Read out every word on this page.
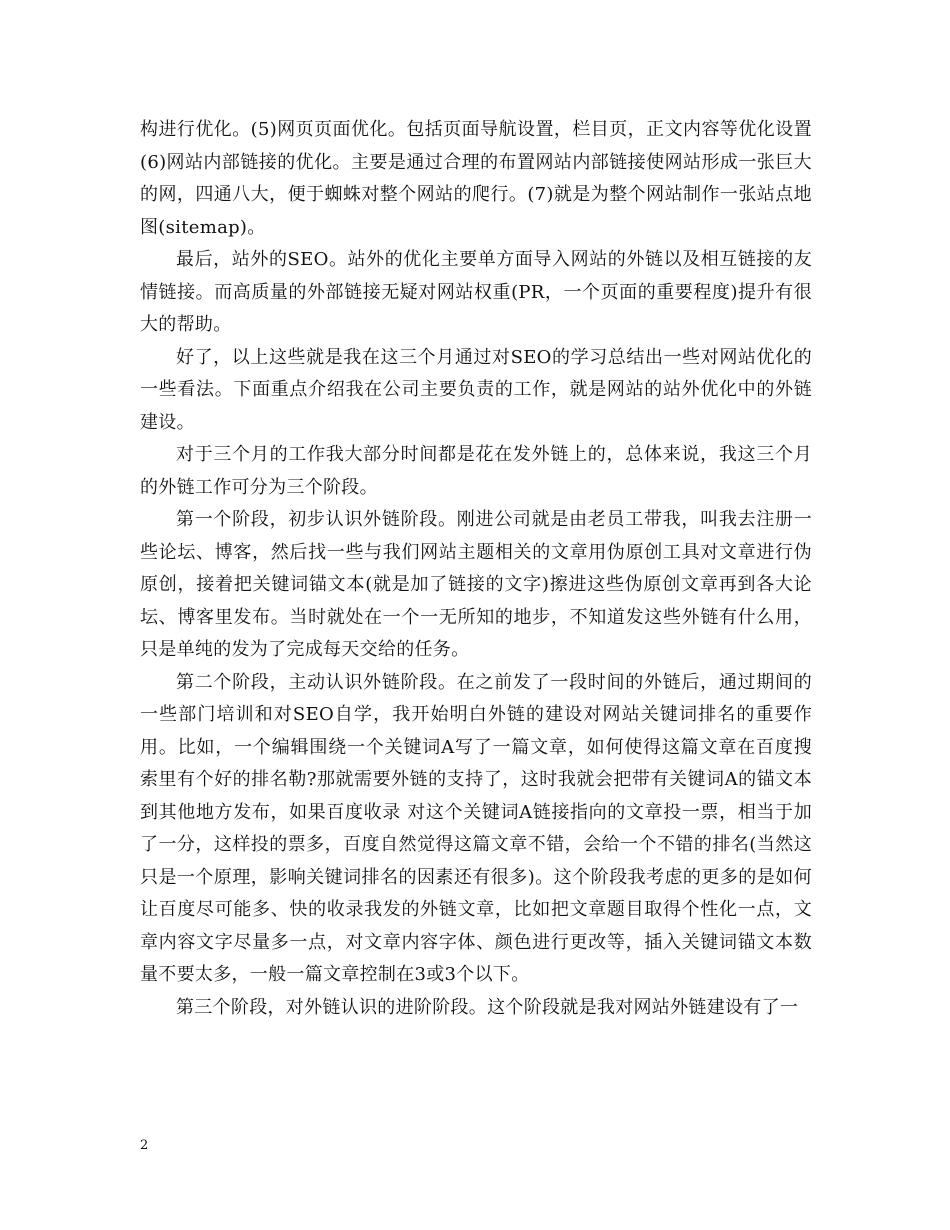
构进行优化。(5)网页页面优化。包括页面导航设置，栏目页，正文内容等优化设置(6)网站内部链接的优化。主要是通过合理的布置网站内部链接使网站形成一张巨大的网，四通八大，便于蜘蛛对整个网站的爬行。(7)就是为整个网站制作一张站点地图(sitemap)。

最后，站外的SEO。站外的优化主要单方面导入网站的外链以及相互链接的友情链接。而高质量的外部链接无疑对网站权重(PR，一个页面的重要程度)提升有很大的帮助。

好了，以上这些就是我在这三个月通过对SEO的学习总结出一些对网站优化的一些看法。下面重点介绍我在公司主要负责的工作，就是网站的站外优化中的外链建设。

对于三个月的工作我大部分时间都是花在发外链上的，总体来说，我这三个月的外链工作可分为三个阶段。

第一个阶段，初步认识外链阶段。刚进公司就是由老员工带我，叫我去注册一些论坛、博客，然后找一些与我们网站主题相关的文章用伪原创工具对文章进行伪原创，接着把关键词锚文本(就是加了链接的文字)擦进这些伪原创文章再到各大论坛、博客里发布。当时就处在一个一无所知的地步，不知道发这些外链有什么用，只是单纯的发为了完成每天交给的任务。

第二个阶段，主动认识外链阶段。在之前发了一段时间的外链后，通过期间的一些部门培训和对SEO自学，我开始明白外链的建设对网站关键词排名的重要作用。比如，一个编辑围绕一个关键词A写了一篇文章，如何使得这篇文章在百度搜索里有个好的排名勒?那就需要外链的支持了，这时我就会把带有关键词A的锚文本到其他地方发布，如果百度收录 对这个关键词A链接指向的文章投一票，相当于加了一分，这样投的票多，百度自然觉得这篇文章不错，会给一个不错的排名(当然这只是一个原理，影响关键词排名的因素还有很多)。这个阶段我考虑的更多的是如何让百度尽可能多、快的收录我发的外链文章，比如把文章题目取得个性化一点，文章内容文字尽量多一点，对文章内容字体、颜色进行更改等，插入关键词锚文本数量不要太多，一般一篇文章控制在3或3个以下。

第三个阶段，对外链认识的进阶阶段。这个阶段就是我对网站外链建设有了一

2
